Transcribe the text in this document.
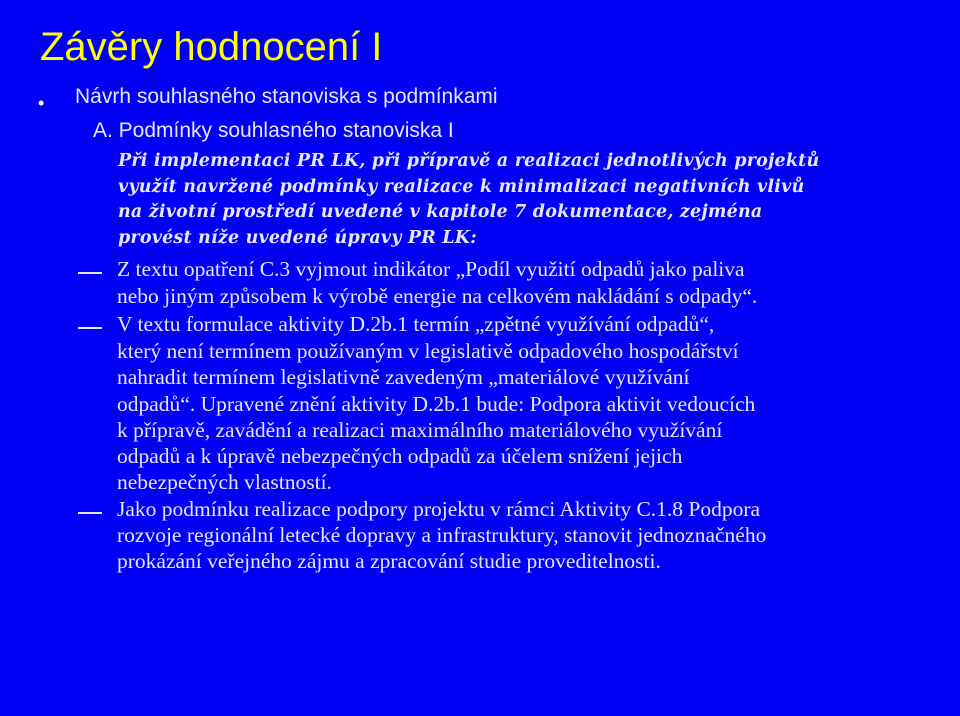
Závěry hodnocení I
• Návrh souhlasného stanoviska s podmínkami
A. Podmínky souhlasného stanoviska I
Při implementaci PR LK, při přípravě a realizaci jednotlivých projektů
využít navržené podmínky realizace k minimalizaci negativních vlivů
na životní prostředí uvedené v kapitole 7 dokumentace, zejména
provést níže uvedené úpravy PR LK:
Z textu opatření C.3 vyjmout indikátor „Podíl využití odpadů jako paliva
nebo jiným způsobem k výrobě energie na celkovém nakládání s odpady“.
V textu formulace aktivity D.2b.1 termín „zpětné využívání odpadů“,
který není termínem používaným v legislativě odpadového hospodářství
nahradit termínem legislativně zavedeným „materiálové využívání
odpadů“. Upravené znění aktivity D.2b.1 bude: Podpora aktivit vedoucích
k přípravě, zavádění a realizaci maximálního materiálového využívání
odpadů a k úpravě nebezpečných odpadů za účelem snížení jejich
nebezpečných vlastností.
Jako podmínku realizace podpory projektu v rámci Aktivity C.1.8 Podpora
rozvoje regionální letecké dopravy a infrastruktury, stanovit jednoznačného
prokázání veřejného zájmu a zpracování studie proveditelnosti.
